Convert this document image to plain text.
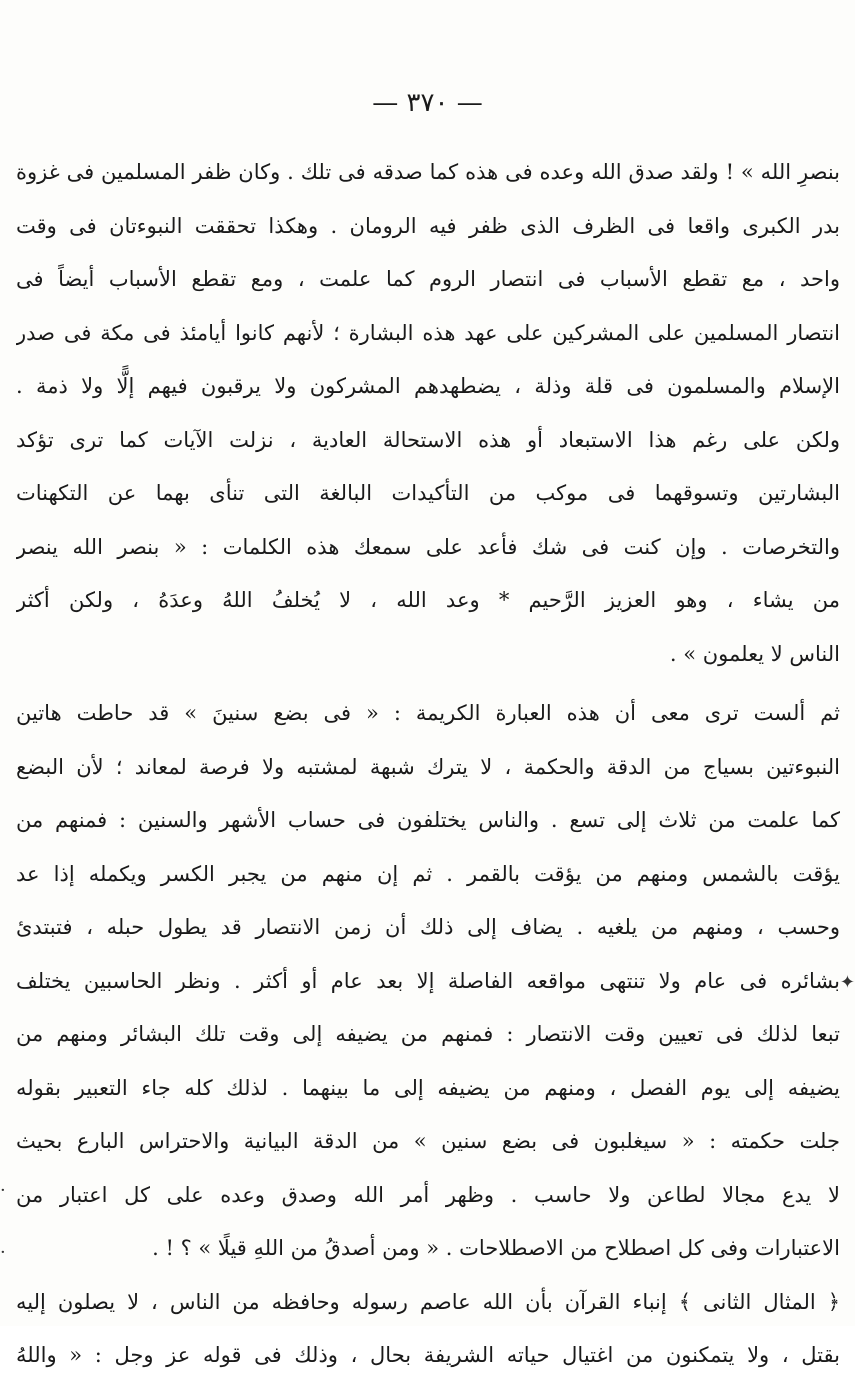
— ٣٧٠ —
بنصرِ الله » ! ولقد صدق الله وعده فى هذه كما صدقه فى تلك . وكان ظفر المسلمين فى غزوة
بدر الكبرى واقعا فى الظرف الذى ظفر فيه الرومان . وهكذا تحققت النبوءتان فى وقت
واحد ، مع تقطع الأسباب فى انتصار الروم كما علمت ، ومع تقطع الأسباب أيضاً فى
انتصار المسلمين على المشركين على عهد هذه البشارة ؛ لأنهم كانوا أيامئذ فى مكة فى صدر
الإسلام والمسلمون فى قلة وذلة ، يضطهدهم المشركون ولا يرقبون فيهم إلًّا ولا ذمة .
ولكن على رغم هذا الاستبعاد أو هذه الاستحالة العادية ، نزلت الآيات كما ترى تؤكد
البشارتين وتسوقهما فى موكب من التأكيدات البالغة التى تنأى بهما عن التكهنات
والتخرصات . وإن كنت فى شك فأعد على سمعك هذه الكلمات : « بنصر الله ينصر
من يشاء ، وهو العزيز الرَّحيم * وعد الله ، لا يُخلفُ اللهُ وعدَهُ ، ولكن أكثر
الناس لا يعلمون » .
ثم ألست ترى معى أن هذه العبارة الكريمة : « فى بضع سنينَ » قد حاطت هاتين
النبوءتين بسياج من الدقة والحكمة ، لا يترك شبهة لمشتبه ولا فرصة لمعاند ؛ لأن البضع
كما علمت من ثلاث إلى تسع . والناس يختلفون فى حساب الأشهر والسنين : فمنهم من
يؤقت بالشمس ومنهم من يؤقت بالقمر . ثم إن منهم من يجبر الكسر ويكمله إذا عد
وحسب ، ومنهم من يلغيه . يضاف إلى ذلك أن زمن الانتصار قد يطول حبله ، فتبتدئ
بشائره فى عام ولا تنتهى مواقعه الفاصلة إلا بعد عام أو أكثر . ونظر الحاسبين يختلف
تبعا لذلك فى تعيين وقت الانتصار : فمنهم من يضيفه إلى وقت تلك البشائر ومنهم من
يضيفه إلى يوم الفصل ، ومنهم من يضيفه إلى ما بينهما . لذلك كله جاء التعبير بقوله
جلت حكمته : « سيغلبون فى بضع سنين » من الدقة البيانية والاحتراس البارع بحيث
لا يدع مجالا لطاعن ولا حاسب . وظهر أمر الله وصدق وعده على كل اعتبار من
الاعتبارات وفى كل اصطلاح من الاصطلاحات . « ومن أصدقُ من اللهِ قيلًا » ؟ ! .
﴿ المثال الثانى ﴾ إنباء القرآن بأن الله عاصم رسوله وحافظه من الناس ، لا يصلون إليه
بقتل ، ولا يتمكنون من اغتيال حياته الشريفة بحال ، وذلك فى قوله عز وجل : « واللهُ
✦
·
·
